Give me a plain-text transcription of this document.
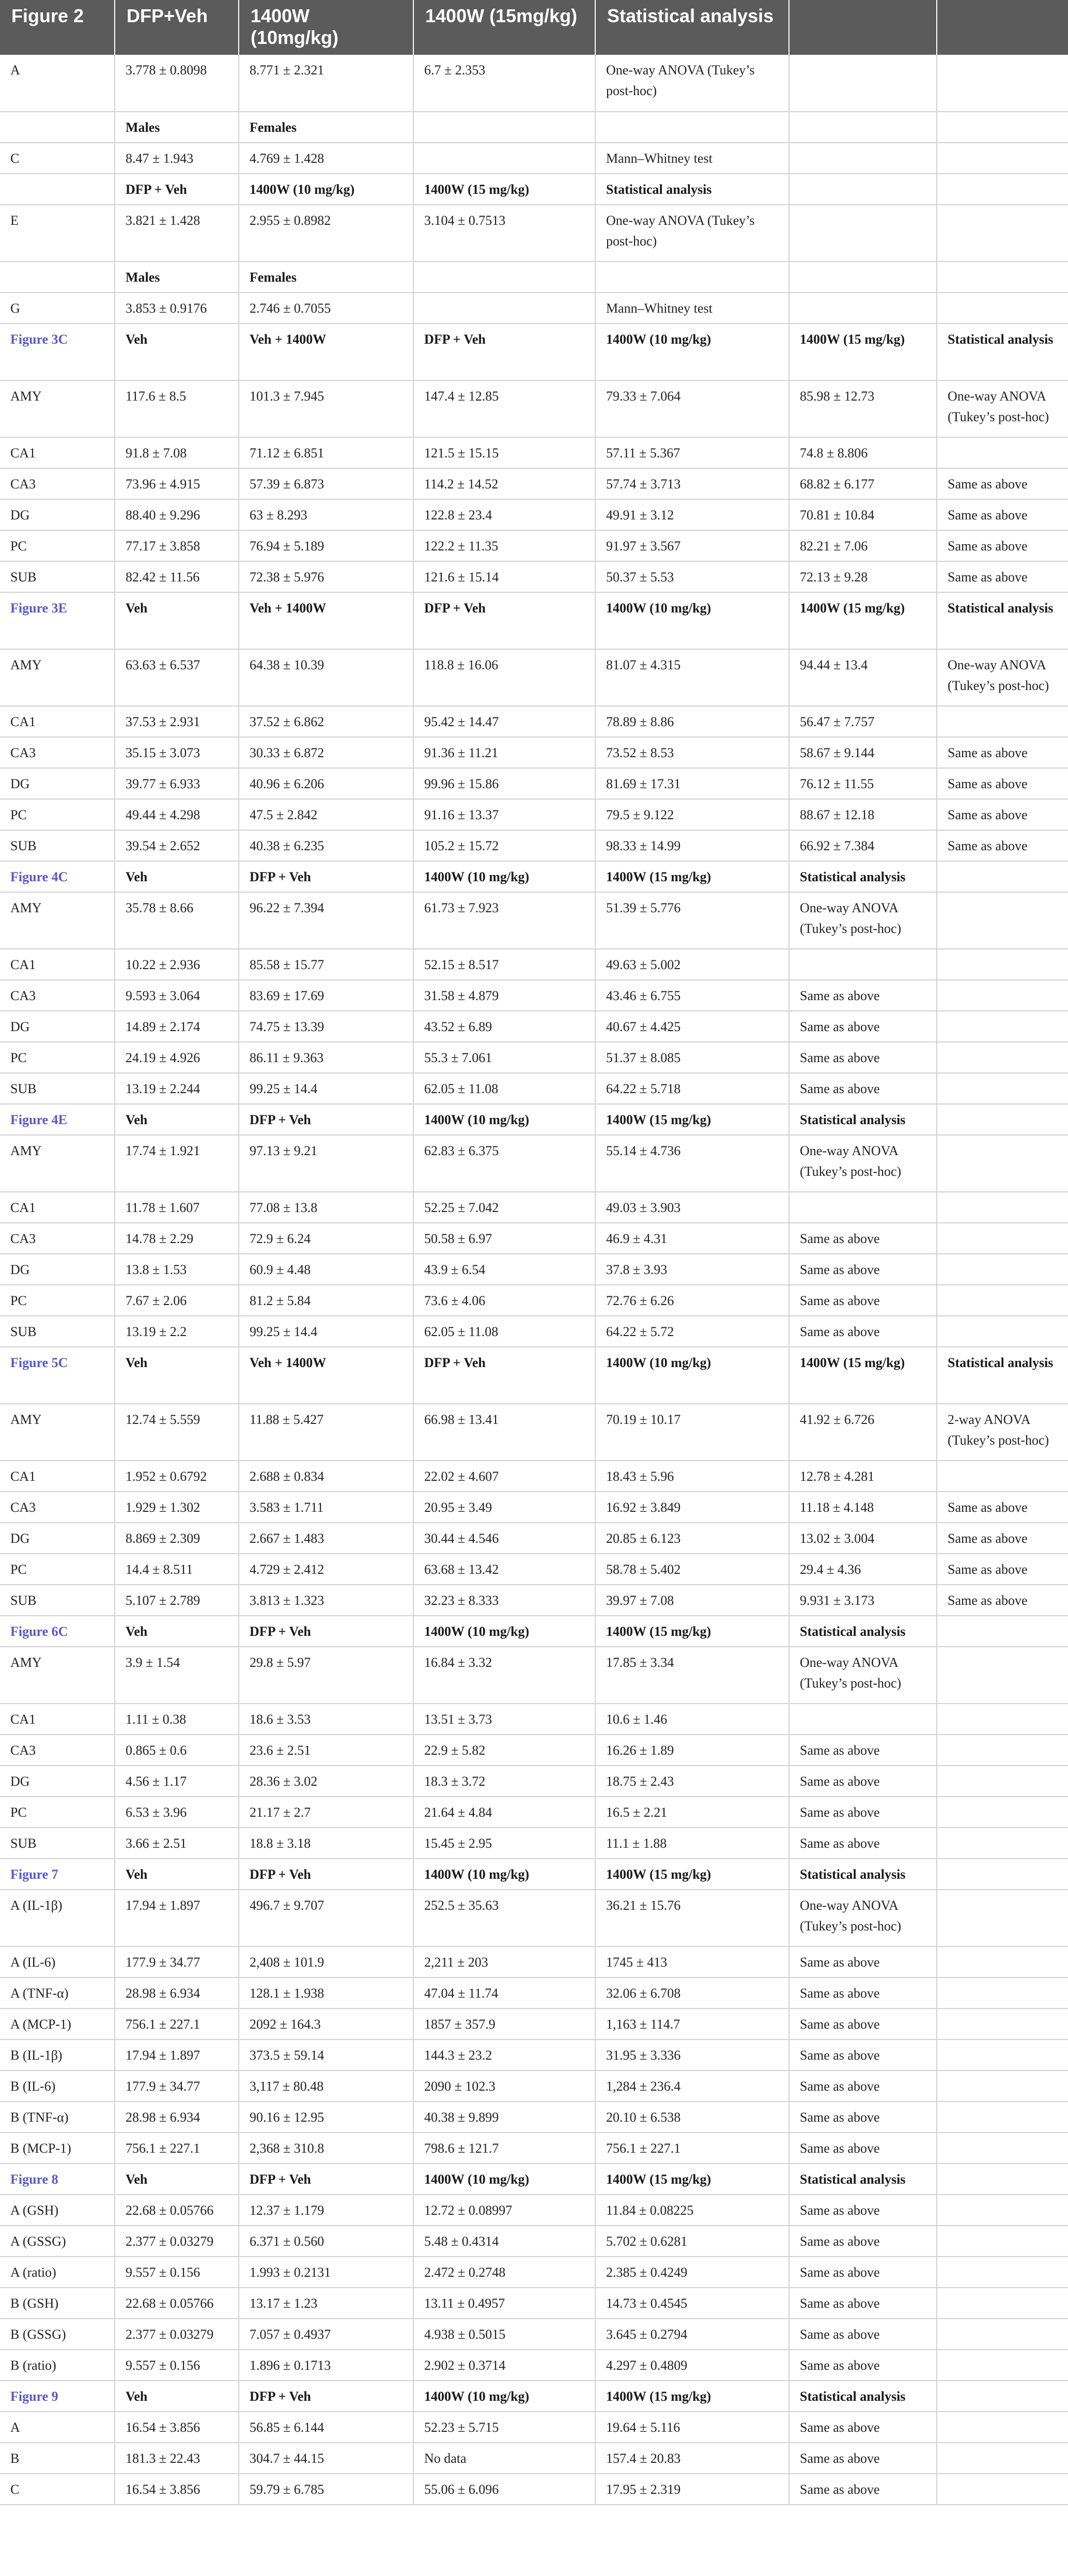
Figure 2	DFP+Veh	1400W (10mg/kg)	1400W (15mg/kg)	Statistical analysis		
A	3.778 ± 0.8098	8.771 ± 2.321	6.7 ± 2.353	One-way ANOVA (Tukey’s post-hoc)		
	Males	Females				
C	8.47 ± 1.943	4.769 ± 1.428		Mann–Whitney test		
	DFP + Veh	1400W (10 mg/kg)	1400W (15 mg/kg)	Statistical analysis		
E	3.821 ± 1.428	2.955 ± 0.8982	3.104 ± 0.7513	One-way ANOVA (Tukey’s post-hoc)		
	Males	Females				
G	3.853 ± 0.9176	2.746 ± 0.7055		Mann–Whitney test		
Figure 3C	Veh	Veh + 1400W	DFP + Veh	1400W (10 mg/kg)	1400W (15 mg/kg)	Statistical analysis
AMY	117.6 ± 8.5	101.3 ± 7.945	147.4 ± 12.85	79.33 ± 7.064	85.98 ± 12.73	One-way ANOVA (Tukey’s post-hoc)
CA1	91.8 ± 7.08	71.12 ± 6.851	121.5 ± 15.15	57.11 ± 5.367	74.8 ± 8.806	
CA3	73.96 ± 4.915	57.39 ± 6.873	114.2 ± 14.52	57.74 ± 3.713	68.82 ± 6.177	Same as above
DG	88.40 ± 9.296	63 ± 8.293	122.8 ± 23.4	49.91 ± 3.12	70.81 ± 10.84	Same as above
PC	77.17 ± 3.858	76.94 ± 5.189	122.2 ± 11.35	91.97 ± 3.567	82.21 ± 7.06	Same as above
SUB	82.42 ± 11.56	72.38 ± 5.976	121.6 ± 15.14	50.37 ± 5.53	72.13 ± 9.28	Same as above
Figure 3E	Veh	Veh + 1400W	DFP + Veh	1400W (10 mg/kg)	1400W (15 mg/kg)	Statistical analysis
AMY	63.63 ± 6.537	64.38 ± 10.39	118.8 ± 16.06	81.07 ± 4.315	94.44 ± 13.4	One-way ANOVA (Tukey’s post-hoc)
CA1	37.53 ± 2.931	37.52 ± 6.862	95.42 ± 14.47	78.89 ± 8.86	56.47 ± 7.757	
CA3	35.15 ± 3.073	30.33 ± 6.872	91.36 ± 11.21	73.52 ± 8.53	58.67 ± 9.144	Same as above
DG	39.77 ± 6.933	40.96 ± 6.206	99.96 ± 15.86	81.69 ± 17.31	76.12 ± 11.55	Same as above
PC	49.44 ± 4.298	47.5 ± 2.842	91.16 ± 13.37	79.5 ± 9.122	88.67 ± 12.18	Same as above
SUB	39.54 ± 2.652	40.38 ± 6.235	105.2 ± 15.72	98.33 ± 14.99	66.92 ± 7.384	Same as above
Figure 4C	Veh	DFP + Veh	1400W (10 mg/kg)	1400W (15 mg/kg)	Statistical analysis	
AMY	35.78 ± 8.66	96.22 ± 7.394	61.73 ± 7.923	51.39 ± 5.776	One-way ANOVA (Tukey’s post-hoc)	
CA1	10.22 ± 2.936	85.58 ± 15.77	52.15 ± 8.517	49.63 ± 5.002		
CA3	9.593 ± 3.064	83.69 ± 17.69	31.58 ± 4.879	43.46 ± 6.755	Same as above	
DG	14.89 ± 2.174	74.75 ± 13.39	43.52 ± 6.89	40.67 ± 4.425	Same as above	
PC	24.19 ± 4.926	86.11 ± 9.363	55.3 ± 7.061	51.37 ± 8.085	Same as above	
SUB	13.19 ± 2.244	99.25 ± 14.4	62.05 ± 11.08	64.22 ± 5.718	Same as above	
Figure 4E	Veh	DFP + Veh	1400W (10 mg/kg)	1400W (15 mg/kg)	Statistical analysis	
AMY	17.74 ± 1.921	97.13 ± 9.21	62.83 ± 6.375	55.14 ± 4.736	One-way ANOVA (Tukey’s post-hoc)	
CA1	11.78 ± 1.607	77.08 ± 13.8	52.25 ± 7.042	49.03 ± 3.903		
CA3	14.78 ± 2.29	72.9 ± 6.24	50.58 ± 6.97	46.9 ± 4.31	Same as above	
DG	13.8 ± 1.53	60.9 ± 4.48	43.9 ± 6.54	37.8 ± 3.93	Same as above	
PC	7.67 ± 2.06	81.2 ± 5.84	73.6 ± 4.06	72.76 ± 6.26	Same as above	
SUB	13.19 ± 2.2	99.25 ± 14.4	62.05 ± 11.08	64.22 ± 5.72	Same as above	
Figure 5C	Veh	Veh + 1400W	DFP + Veh	1400W (10 mg/kg)	1400W (15 mg/kg)	Statistical analysis
AMY	12.74 ± 5.559	11.88 ± 5.427	66.98 ± 13.41	70.19 ± 10.17	41.92 ± 6.726	2-way ANOVA (Tukey’s post-hoc)
CA1	1.952 ± 0.6792	2.688 ± 0.834	22.02 ± 4.607	18.43 ± 5.96	12.78 ± 4.281	
CA3	1.929 ± 1.302	3.583 ± 1.711	20.95 ± 3.49	16.92 ± 3.849	11.18 ± 4.148	Same as above
DG	8.869 ± 2.309	2.667 ± 1.483	30.44 ± 4.546	20.85 ± 6.123	13.02 ± 3.004	Same as above
PC	14.4 ± 8.511	4.729 ± 2.412	63.68 ± 13.42	58.78 ± 5.402	29.4 ± 4.36	Same as above
SUB	5.107 ± 2.789	3.813 ± 1.323	32.23 ± 8.333	39.97 ± 7.08	9.931 ± 3.173	Same as above
Figure 6C	Veh	DFP + Veh	1400W (10 mg/kg)	1400W (15 mg/kg)	Statistical analysis	
AMY	3.9 ± 1.54	29.8 ± 5.97	16.84 ± 3.32	17.85 ± 3.34	One-way ANOVA (Tukey’s post-hoc)	
CA1	1.11 ± 0.38	18.6 ± 3.53	13.51 ± 3.73	10.6 ± 1.46		
CA3	0.865 ± 0.6	23.6 ± 2.51	22.9 ± 5.82	16.26 ± 1.89	Same as above	
DG	4.56 ± 1.17	28.36 ± 3.02	18.3 ± 3.72	18.75 ± 2.43	Same as above	
PC	6.53 ± 3.96	21.17 ± 2.7	21.64 ± 4.84	16.5 ± 2.21	Same as above	
SUB	3.66 ± 2.51	18.8 ± 3.18	15.45 ± 2.95	11.1 ± 1.88	Same as above	
Figure 7	Veh	DFP + Veh	1400W (10 mg/kg)	1400W (15 mg/kg)	Statistical analysis	
A (IL-1β)	17.94 ± 1.897	496.7 ± 9.707	252.5 ± 35.63	36.21 ± 15.76	One-way ANOVA (Tukey’s post-hoc)	
A (IL-6)	177.9 ± 34.77	2,408 ± 101.9	2,211 ± 203	1745 ± 413	Same as above	
A (TNF-α)	28.98 ± 6.934	128.1 ± 1.938	47.04 ± 11.74	32.06 ± 6.708	Same as above	
A (MCP-1)	756.1 ± 227.1	2092 ± 164.3	1857 ± 357.9	1,163 ± 114.7	Same as above	
B (IL-1β)	17.94 ± 1.897	373.5 ± 59.14	144.3 ± 23.2	31.95 ± 3.336	Same as above	
B (IL-6)	177.9 ± 34.77	3,117 ± 80.48	2090 ± 102.3	1,284 ± 236.4	Same as above	
B (TNF-α)	28.98 ± 6.934	90.16 ± 12.95	40.38 ± 9.899	20.10 ± 6.538	Same as above	
B (MCP-1)	756.1 ± 227.1	2,368 ± 310.8	798.6 ± 121.7	756.1 ± 227.1	Same as above	
Figure 8	Veh	DFP + Veh	1400W (10 mg/kg)	1400W (15 mg/kg)	Statistical analysis	
A (GSH)	22.68 ± 0.05766	12.37 ± 1.179	12.72 ± 0.08997	11.84 ± 0.08225	Same as above	
A (GSSG)	2.377 ± 0.03279	6.371 ± 0.560	5.48 ± 0.4314	5.702 ± 0.6281	Same as above	
A (ratio)	9.557 ± 0.156	1.993 ± 0.2131	2.472 ± 0.2748	2.385 ± 0.4249	Same as above	
B (GSH)	22.68 ± 0.05766	13.17 ± 1.23	13.11 ± 0.4957	14.73 ± 0.4545	Same as above	
B (GSSG)	2.377 ± 0.03279	7.057 ± 0.4937	4.938 ± 0.5015	3.645 ± 0.2794	Same as above	
B (ratio)	9.557 ± 0.156	1.896 ± 0.1713	2.902 ± 0.3714	4.297 ± 0.4809	Same as above	
Figure 9	Veh	DFP + Veh	1400W (10 mg/kg)	1400W (15 mg/kg)	Statistical analysis	
A	16.54 ± 3.856	56.85 ± 6.144	52.23 ± 5.715	19.64 ± 5.116	Same as above	
B	181.3 ± 22.43	304.7 ± 44.15	No data	157.4 ± 20.83	Same as above	
C	16.54 ± 3.856	59.79 ± 6.785	55.06 ± 6.096	17.95 ± 2.319	Same as above	
